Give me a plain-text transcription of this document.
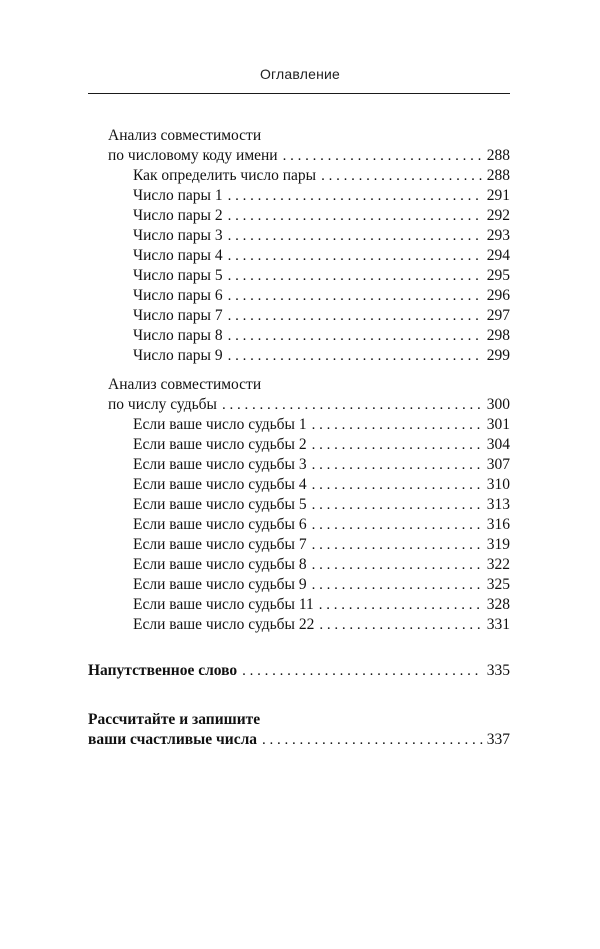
Оглавление
Анализ совместимости
по числовому коду имени . . .	288
Как определить число пары . . .	288
Число пары 1 . . .	291
Число пары 2 . . .	292
Число пары 3 . . .	293
Число пары 4 . . .	294
Число пары 5 . . .	295
Число пары 6 . . .	296
Число пары 7 . . .	297
Число пары 8 . . .	298
Число пары 9 . . .	299
Анализ совместимости
по числу судьбы . . .	300
Если ваше число судьбы 1 . . .	301
Если ваше число судьбы 2 . . .	304
Если ваше число судьбы 3 . . .	307
Если ваше число судьбы 4 . . .	310
Если ваше число судьбы 5 . . .	313
Если ваше число судьбы 6 . . .	316
Если ваше число судьбы 7 . . .	319
Если ваше число судьбы 8 . . .	322
Если ваше число судьбы 9 . . .	325
Если ваше число судьбы 11 . . .	328
Если ваше число судьбы 22 . . .	331
Напутственное слово . . .	335
Рассчитайте и запишите
ваши счастливые числа . . .	337
